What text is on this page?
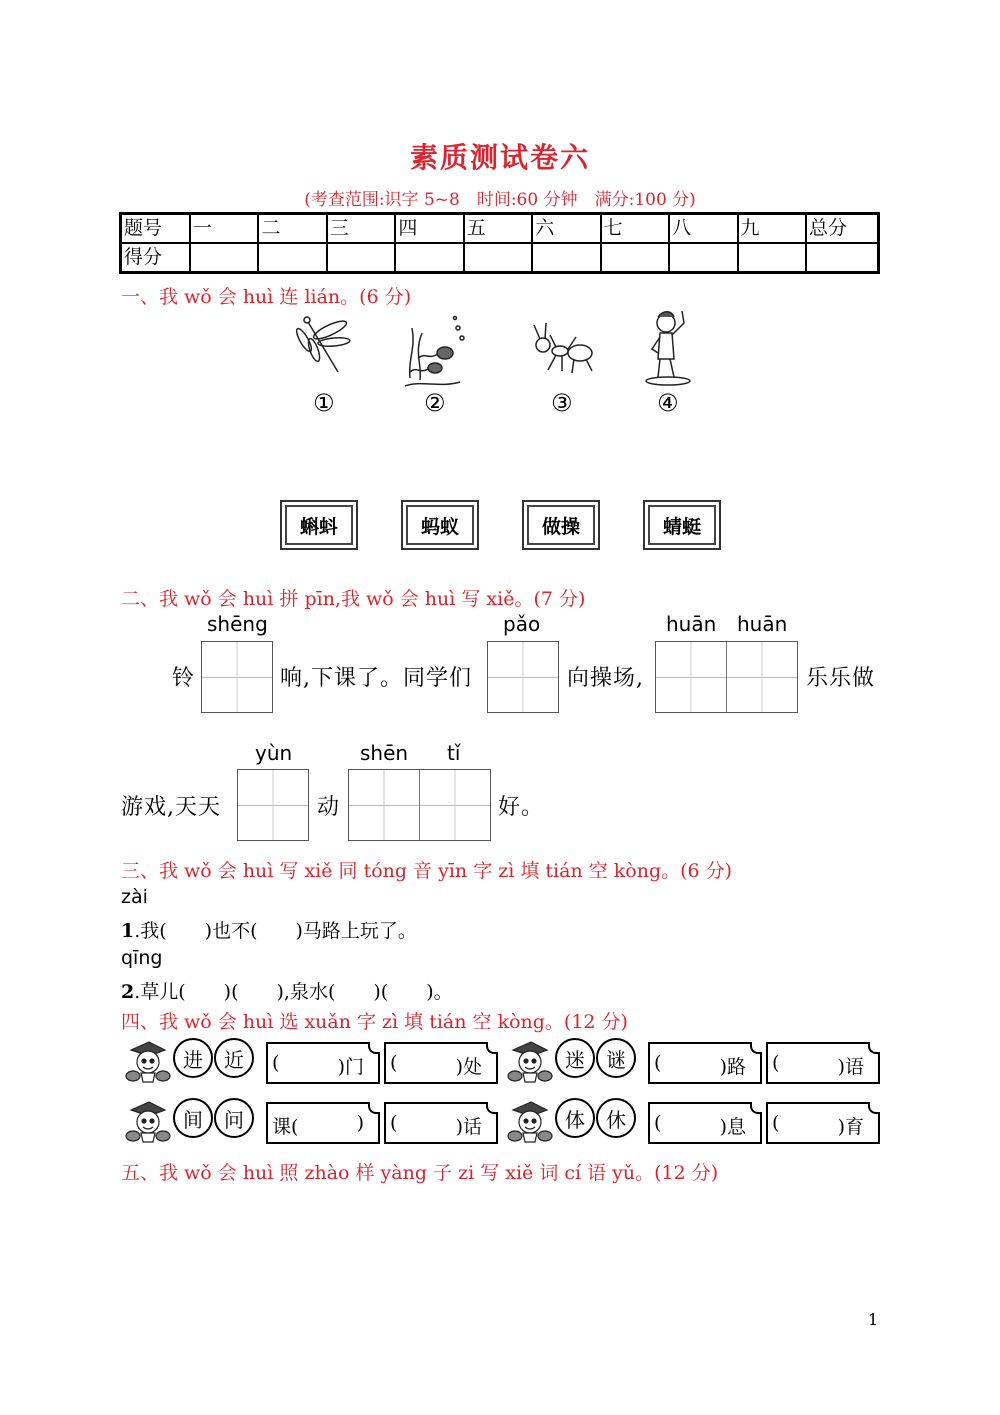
素质测试卷六
(考查范围:识字 5~8　时间:60 分钟　满分:100 分)
题号	一	二	三	四	五	六	七	八	九	总分
得分										
一、我 wǒ 会 huì 连 lián。(6 分)
①	②	③	④
蝌蚪	蚂蚁	做操	蜻蜓
二、我 wǒ 会 huì 拼 pīn,我 wǒ 会 huì 写 xiě。(7 分)
shēng	pǎo	huān huān
铃	响,下课了。同学们	向操场,	乐乐做
yùn	shēn tǐ
游戏,天天	动	好。
三、我 wǒ 会 huì 写 xiě 同 tóng 音 yīn 字 zì 填 tián 空 kòng。(6 分)
zài
1.我(　　)也不(　　)马路上玩了。
qīng
2.草儿(　　)(　　),泉水(　　)(　　)。
四、我 wǒ 会 huì 选 xuǎn 字 zì 填 tián 空 kòng。(12 分)
进	近	(	)门 (	)处	迷	谜	(	)路 (	)语
间	问	课(	) (	)话	体	休	(	)息 (	)育
五、我 wǒ 会 huì 照 zhào 样 yàng 子 zi 写 xiě 词 cí 语 yǔ。(12 分)
1
